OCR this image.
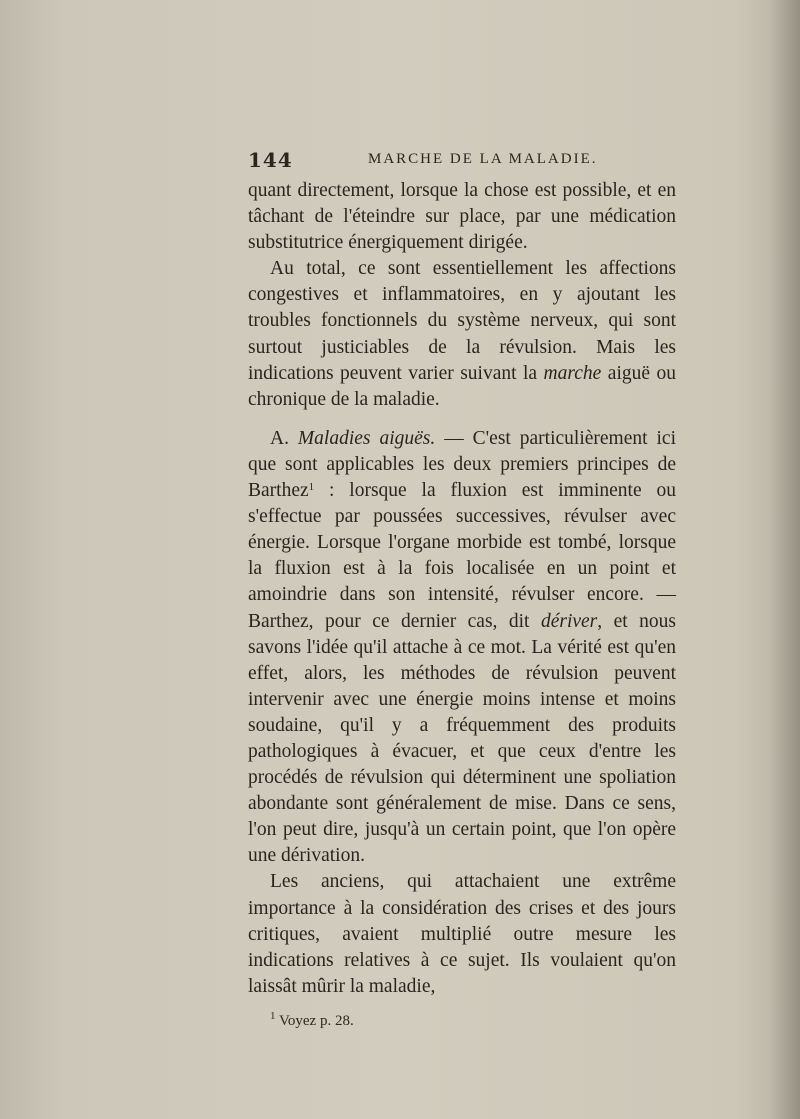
144	MARCHE DE LA MALADIE.

quant directement, lorsque la chose est possible, et en tâchant de l'éteindre sur place, par une médication substitutrice énergiquement dirigée.

Au total, ce sont essentiellement les affections congestives et inflammatoires, en y ajoutant les troubles fonctionnels du système nerveux, qui sont surtout justiciables de la révulsion. Mais les indications peuvent varier suivant la marche aiguë ou chronique de la maladie.

A. Maladies aiguës. — C'est particulièrement ici que sont applicables les deux premiers principes de Barthez$^1$ : lorsque la fluxion est imminente ou s'effectue par poussées successives, révulser avec énergie. Lorsque l'organe morbide est tombé, lorsque la fluxion est à la fois localisée en un point et amoindrie dans son intensité, révulser encore. — Barthez, pour ce dernier cas, dit dériver, et nous savons l'idée qu'il attache à ce mot. La vérité est qu'en effet, alors, les méthodes de révulsion peuvent intervenir avec une énergie moins intense et moins soudaine, qu'il y a fréquemment des produits pathologiques à évacuer, et que ceux d'entre les procédés de révulsion qui déterminent une spoliation abondante sont généralement de mise. Dans ce sens, l'on peut dire, jusqu'à un certain point, que l'on opère une dérivation.

Les anciens, qui attachaient une extrême importance à la considération des crises et des jours critiques, avaient multiplié outre mesure les indications relatives à ce sujet. Ils voulaient qu'on laissât mûrir la maladie,

$^1$ Voyez p. 28.
